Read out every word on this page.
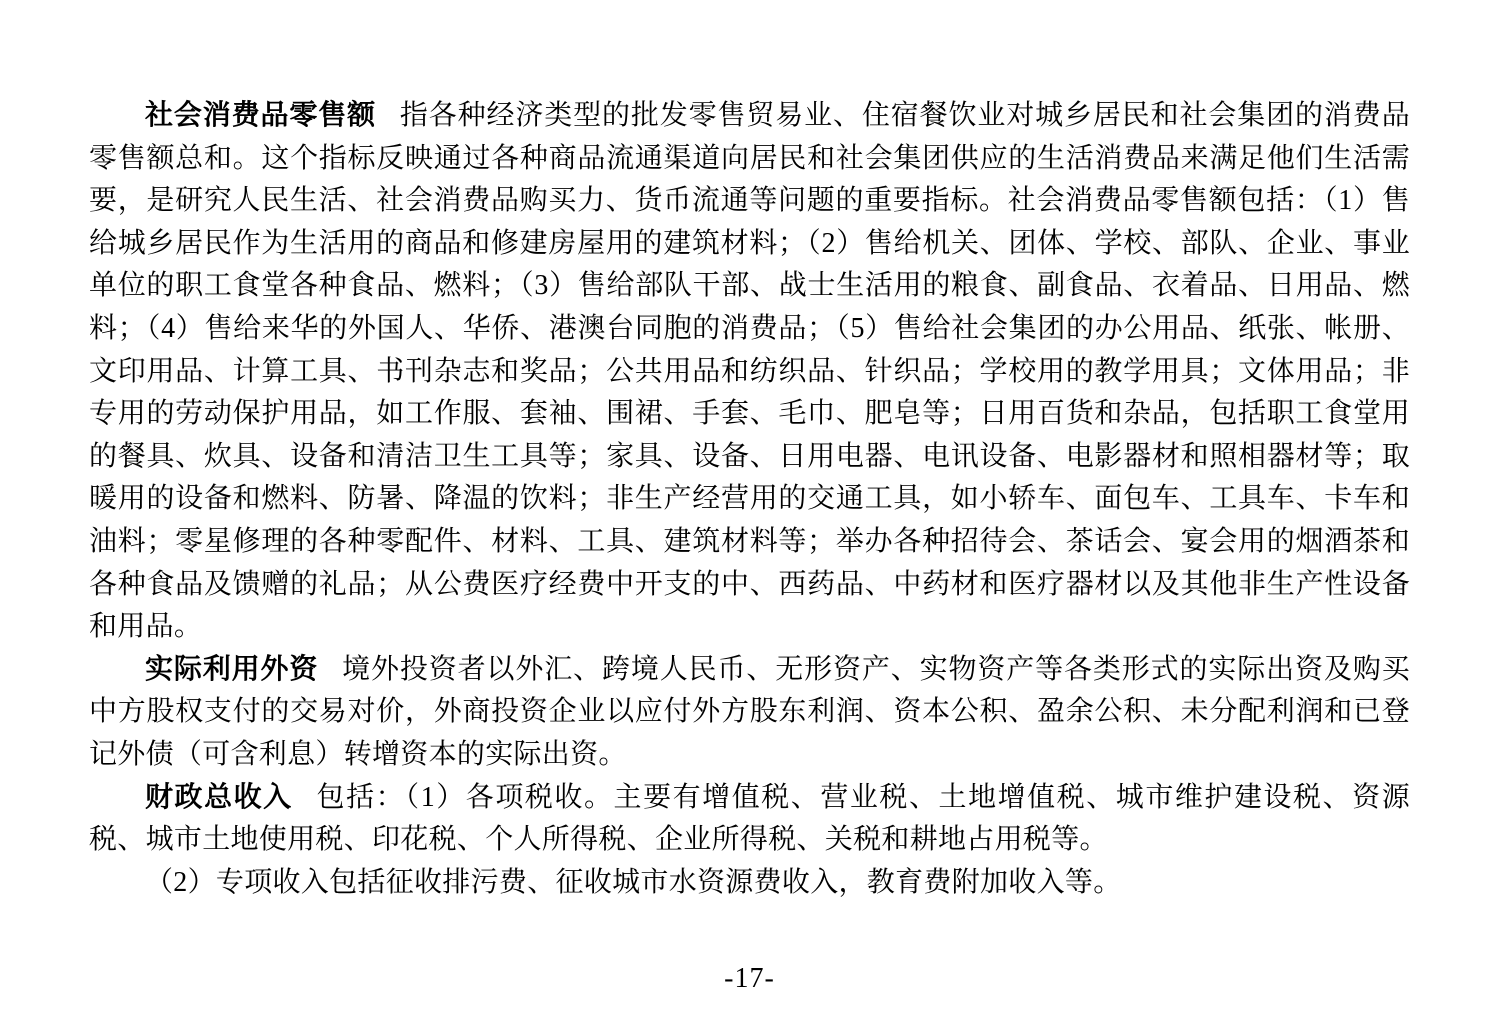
社会消费品零售额 指各种经济类型的批发零售贸易业、住宿餐饮业对城乡居民和社会集团的消费品零售额总和。这个指标反映通过各种商品流通渠道向居民和社会集团供应的生活消费品来满足他们生活需要，是研究人民生活、社会消费品购买力、货币流通等问题的重要指标。社会消费品零售额包括：（1）售给城乡居民作为生活用的商品和修建房屋用的建筑材料；（2）售给机关、团体、学校、部队、企业、事业单位的职工食堂各种食品、燃料；（3）售给部队干部、战士生活用的粮食、副食品、衣着品、日用品、燃料；（4）售给来华的外国人、华侨、港澳台同胞的消费品；（5）售给社会集团的办公用品、纸张、帐册、文印用品、计算工具、书刊杂志和奖品；公共用品和纺织品、针织品；学校用的教学用具；文体用品；非专用的劳动保护用品，如工作服、套袖、围裙、手套、毛巾、肥皂等；日用百货和杂品，包括职工食堂用的餐具、炊具、设备和清洁卫生工具等；家具、设备、日用电器、电讯设备、电影器材和照相器材等；取暖用的设备和燃料、防暑、降温的饮料；非生产经营用的交通工具，如小轿车、面包车、工具车、卡车和油料；零星修理的各种零配件、材料、工具、建筑材料等；举办各种招待会、茶话会、宴会用的烟酒茶和各种食品及馈赠的礼品；从公费医疗经费中开支的中、西药品、中药材和医疗器材以及其他非生产性设备和用品。

实际利用外资 境外投资者以外汇、跨境人民币、无形资产、实物资产等各类形式的实际出资及购买中方股权支付的交易对价，外商投资企业以应付外方股东利润、资本公积、盈余公积、未分配利润和已登记外债（可含利息）转增资本的实际出资。

财政总收入 包括：（1）各项税收。主要有增值税、营业税、土地增值税、城市维护建设税、资源税、城市土地使用税、印花税、个人所得税、企业所得税、关税和耕地占用税等。

（2）专项收入包括征收排污费、征收城市水资源费收入，教育费附加收入等。

-17-
